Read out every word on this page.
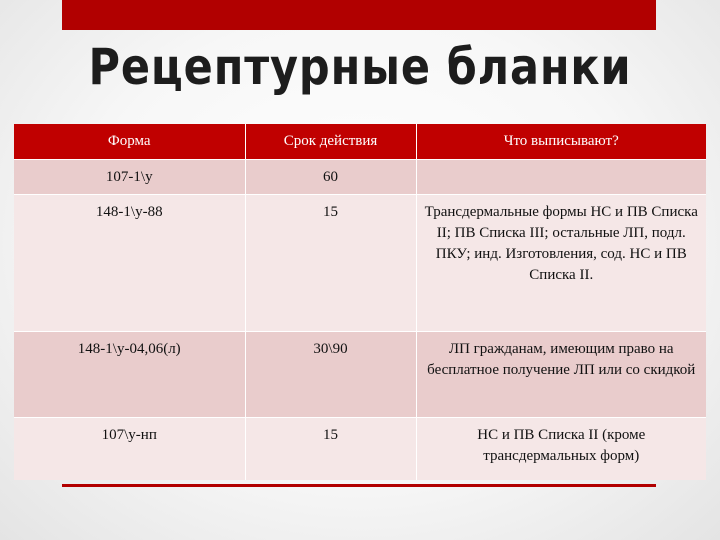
Рецептурные бланки
Форма	Срок действия	Что выписывают?
107-1\у	60	
148-1\у-88	15	Трансдермальные формы НС и ПВ Списка II; ПВ Списка III; остальные ЛП, подл. ПКУ; инд. Изготовления, сод. НС и ПВ Списка II.
148-1\у-04,06(л)	30\90	ЛП гражданам, имеющим право на бесплатное получение ЛП или со скидкой
107\у-нп	15	НС и ПВ Списка II (кроме трансдермальных форм)
